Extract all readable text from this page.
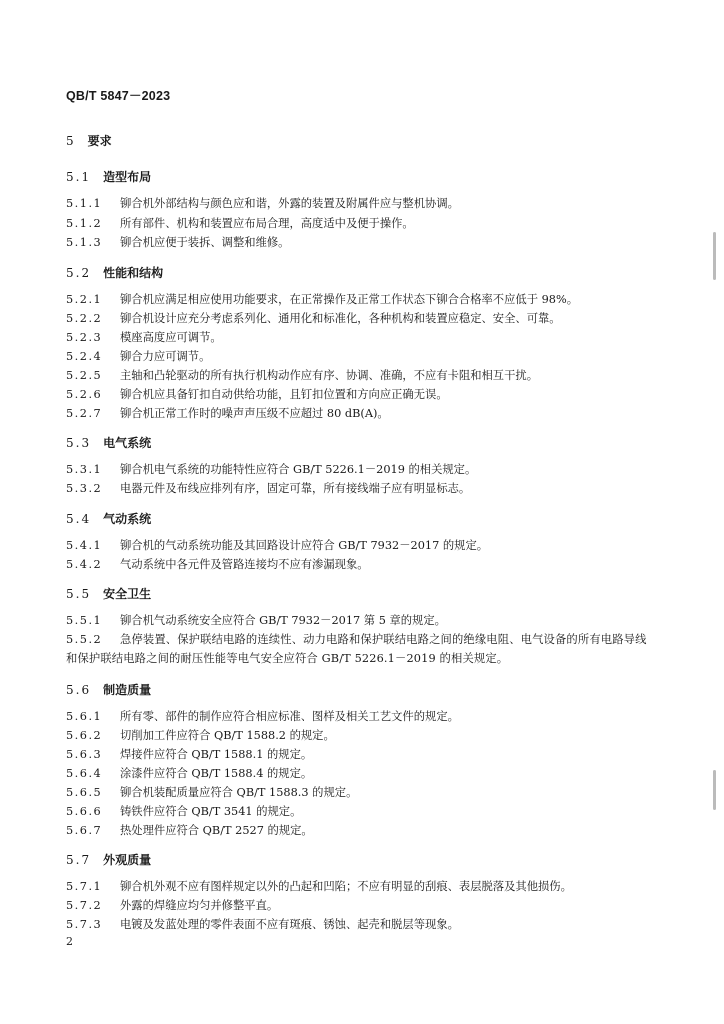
QB/T 5847－2023
5 要求
5.1 造型布局
5.1.1 铆合机外部结构与颜色应和谐，外露的装置及附属件应与整机协调。
5.1.2 所有部件、机构和装置应布局合理，高度适中及便于操作。
5.1.3 铆合机应便于装拆、调整和维修。
5.2 性能和结构
5.2.1 铆合机应满足相应使用功能要求，在正常操作及正常工作状态下铆合合格率不应低于 98%。
5.2.2 铆合机设计应充分考虑系列化、通用化和标准化，各种机构和装置应稳定、安全、可靠。
5.2.3 模座高度应可调节。
5.2.4 铆合力应可调节。
5.2.5 主轴和凸轮驱动的所有执行机构动作应有序、协调、准确，不应有卡阻和相互干扰。
5.2.6 铆合机应具备钉扣自动供给功能，且钉扣位置和方向应正确无误。
5.2.7 铆合机正常工作时的噪声声压级不应超过 80 dB(A)。
5.3 电气系统
5.3.1 铆合机电气系统的功能特性应符合 GB/T 5226.1－2019 的相关规定。
5.3.2 电器元件及布线应排列有序，固定可靠，所有接线端子应有明显标志。
5.4 气动系统
5.4.1 铆合机的气动系统功能及其回路设计应符合 GB/T 7932－2017 的规定。
5.4.2 气动系统中各元件及管路连接均不应有渗漏现象。
5.5 安全卫生
5.5.1 铆合机气动系统安全应符合 GB/T 7932－2017 第 5 章的规定。
5.5.2 急停装置、保护联结电路的连续性、动力电路和保护联结电路之间的绝缘电阻、电气设备的所有电路导线和保护联结电路之间的耐压性能等电气安全应符合 GB/T 5226.1－2019 的相关规定。
5.6 制造质量
5.6.1 所有零、部件的制作应符合相应标准、图样及相关工艺文件的规定。
5.6.2 切削加工件应符合 QB/T 1588.2 的规定。
5.6.3 焊接件应符合 QB/T 1588.1 的规定。
5.6.4 涂漆件应符合 QB/T 1588.4 的规定。
5.6.5 铆合机装配质量应符合 QB/T 1588.3 的规定。
5.6.6 铸铁件应符合 QB/T 3541 的规定。
5.6.7 热处理件应符合 QB/T 2527 的规定。
5.7 外观质量
5.7.1 铆合机外观不应有图样规定以外的凸起和凹陷；不应有明显的刮痕、表层脱落及其他损伤。
5.7.2 外露的焊缝应均匀并修整平直。
5.7.3 电镀及发蓝处理的零件表面不应有斑痕、锈蚀、起壳和脱层等现象。
2
